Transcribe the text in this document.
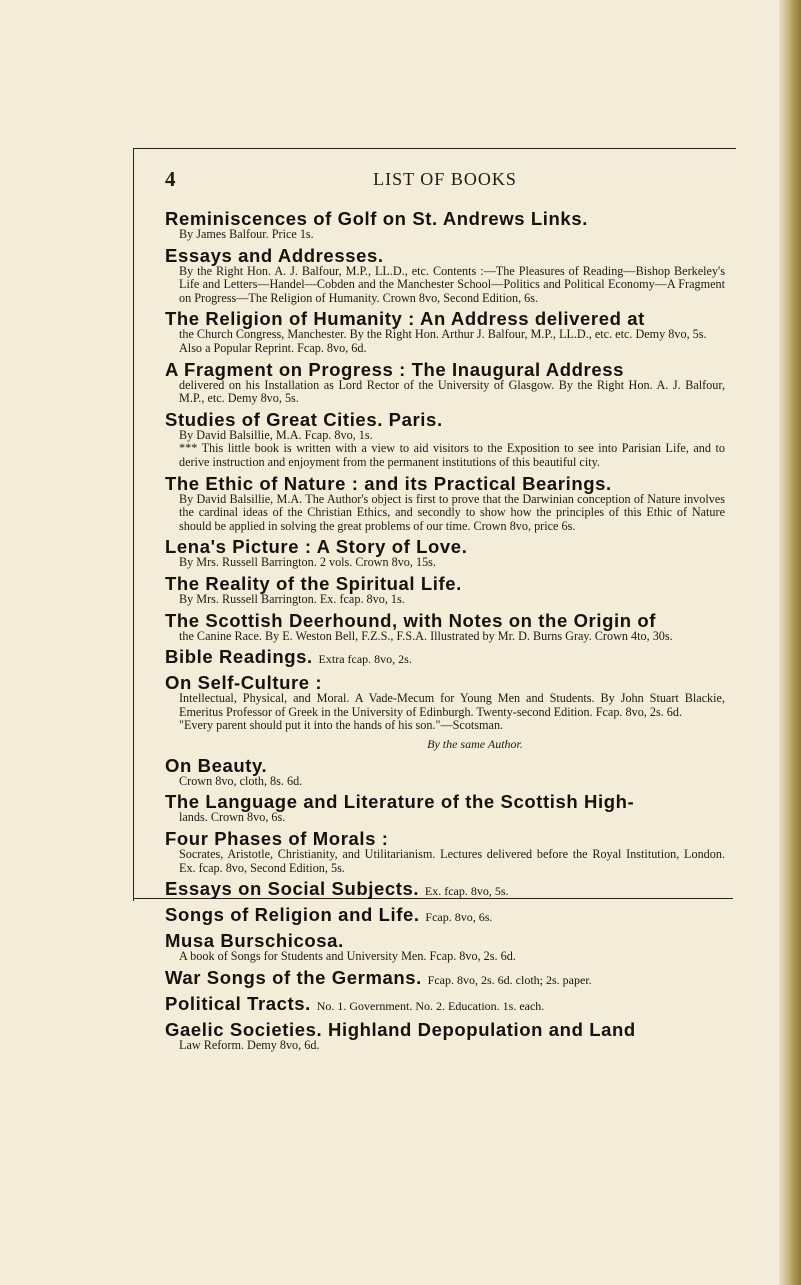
4	LIST OF BOOKS
Reminiscences of Golf on St. Andrews Links.
By James Balfour. Price 1s.
Essays and Addresses.
By the Right Hon. A. J. Balfour, M.P., LL.D., etc. Contents :—The Pleasures of Reading—Bishop Berkeley's Life and Letters—Handel—Cobden and the Manchester School—Politics and Political Economy—A Fragment on Progress—The Religion of Humanity. Crown 8vo, Second Edition, 6s.
The Religion of Humanity : An Address delivered at
the Church Congress, Manchester. By the Right Hon. Arthur J. Balfour, M.P., LL.D., etc. etc. Demy 8vo, 5s.
Also a Popular Reprint. Fcap. 8vo, 6d.
A Fragment on Progress : The Inaugural Address
delivered on his Installation as Lord Rector of the University of Glasgow. By the Right Hon. A. J. Balfour, M.P., etc. Demy 8vo, 5s.
Studies of Great Cities. Paris.
By David Balsillie, M.A. Fcap. 8vo, 1s.
*** This little book is written with a view to aid visitors to the Exposition to see into Parisian Life, and to derive instruction and enjoyment from the permanent institutions of this beautiful city.
The Ethic of Nature : and its Practical Bearings.
By David Balsillie, M.A. The Author's object is first to prove that the Darwinian conception of Nature involves the cardinal ideas of the Christian Ethics, and secondly to show how the principles of this Ethic of Nature should be applied in solving the great problems of our time. Crown 8vo, price 6s.
Lena's Picture : A Story of Love.
By Mrs. Russell Barrington. 2 vols. Crown 8vo, 15s.
The Reality of the Spiritual Life.
By Mrs. Russell Barrington. Ex. fcap. 8vo, 1s.
The Scottish Deerhound, with Notes on the Origin of
the Canine Race. By E. Weston Bell, F.Z.S., F.S.A. Illustrated by Mr. D. Burns Gray. Crown 4to, 30s.
Bible Readings. Extra fcap. 8vo, 2s.
On Self-Culture :
Intellectual, Physical, and Moral. A Vade-Mecum for Young Men and Students. By John Stuart Blackie, Emeritus Professor of Greek in the University of Edinburgh. Twenty-second Edition. Fcap. 8vo, 2s. 6d.
"Every parent should put it into the hands of his son."—Scotsman.
By the same Author.
On Beauty.
Crown 8vo, cloth, 8s. 6d.
The Language and Literature of the Scottish High-
lands. Crown 8vo, 6s.
Four Phases of Morals :
Socrates, Aristotle, Christianity, and Utilitarianism. Lectures delivered before the Royal Institution, London. Ex. fcap. 8vo, Second Edition, 5s.
Essays on Social Subjects. Ex. fcap. 8vo, 5s.
Songs of Religion and Life. Fcap. 8vo, 6s.
Musa Burschicosa.
A book of Songs for Students and University Men. Fcap. 8vo, 2s. 6d.
War Songs of the Germans. Fcap. 8vo, 2s. 6d. cloth; 2s. paper.
Political Tracts. No. 1. Government. No. 2. Education. 1s. each.
Gaelic Societies. Highland Depopulation and Land
Law Reform. Demy 8vo, 6d.
